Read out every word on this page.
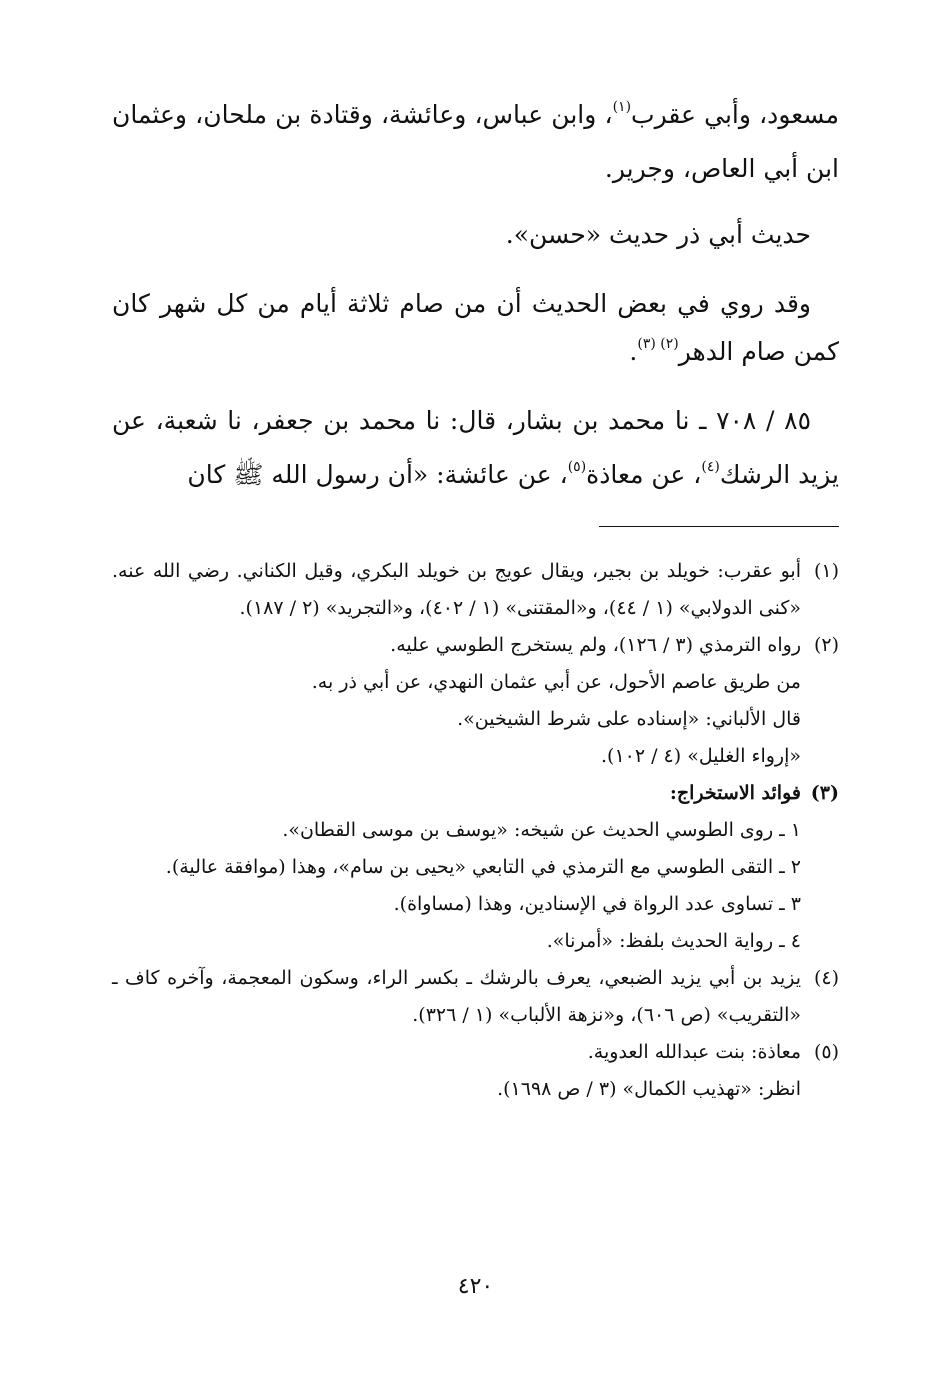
مسعود، وأبي عقرب$^{(١)}$، وابن عباس، وعائشة، وقتادة بن ملحان، وعثمان ابن أبي العاص، وجرير.

حديث أبي ذر حديث «حسن».

وقد روي في بعض الحديث أن من صام ثلاثة أيام من كل شهر كان كمن صام الدهر$^{(٢) (٣)}$.

٨٥ / ٧٠٨ ـ نا محمد بن بشار، قال: نا محمد بن جعفر، نا شعبة، عن يزيد الرشك$^{(٤)}$، عن معاذة$^{(٥)}$، عن عائشة: «أن رسول الله ﷺ كان

(١)

أبو عقرب: خويلد بن بجير، ويقال عويج بن خويلد البكري، وقيل الكناني. رضي الله عنه. «كنى الدولابي» (١ / ٤٤)، و«المقتنى» (١ / ٤٠٢)، و«التجريد» (٢ / ١٨٧).

(٢)

رواه الترمذي (٣ / ١٢٦)، ولم يستخرج الطوسي عليه.

من طريق عاصم الأحول، عن أبي عثمان النهدي، عن أبي ذر به.

قال الألباني: «إسناده على شرط الشيخين».

«إرواء الغليل» (٤ / ١٠٢).

(٣)

فوائد الاستخراج:

١ ـ روى الطوسي الحديث عن شيخه: «يوسف بن موسى القطان».

٢ ـ التقى الطوسي مع الترمذي في التابعي «يحيى بن سام»، وهذا (موافقة عالية).

٣ ـ تساوى عدد الرواة في الإسنادين، وهذا (مساواة).

٤ ـ رواية الحديث بلفظ: «أمرنا».

(٤)

يزيد بن أبي يزيد الضبعي، يعرف بالرشك ـ بكسر الراء، وسكون المعجمة، وآخره كاف ـ «التقريب» (ص ٦٠٦)، و«نزهة الألباب» (١ / ٣٢٦).

(٥)

معاذة: بنت عبدالله العدوية.

انظر: «تهذيب الكمال» (٣ / ص ١٦٩٨).

٤٢٠
